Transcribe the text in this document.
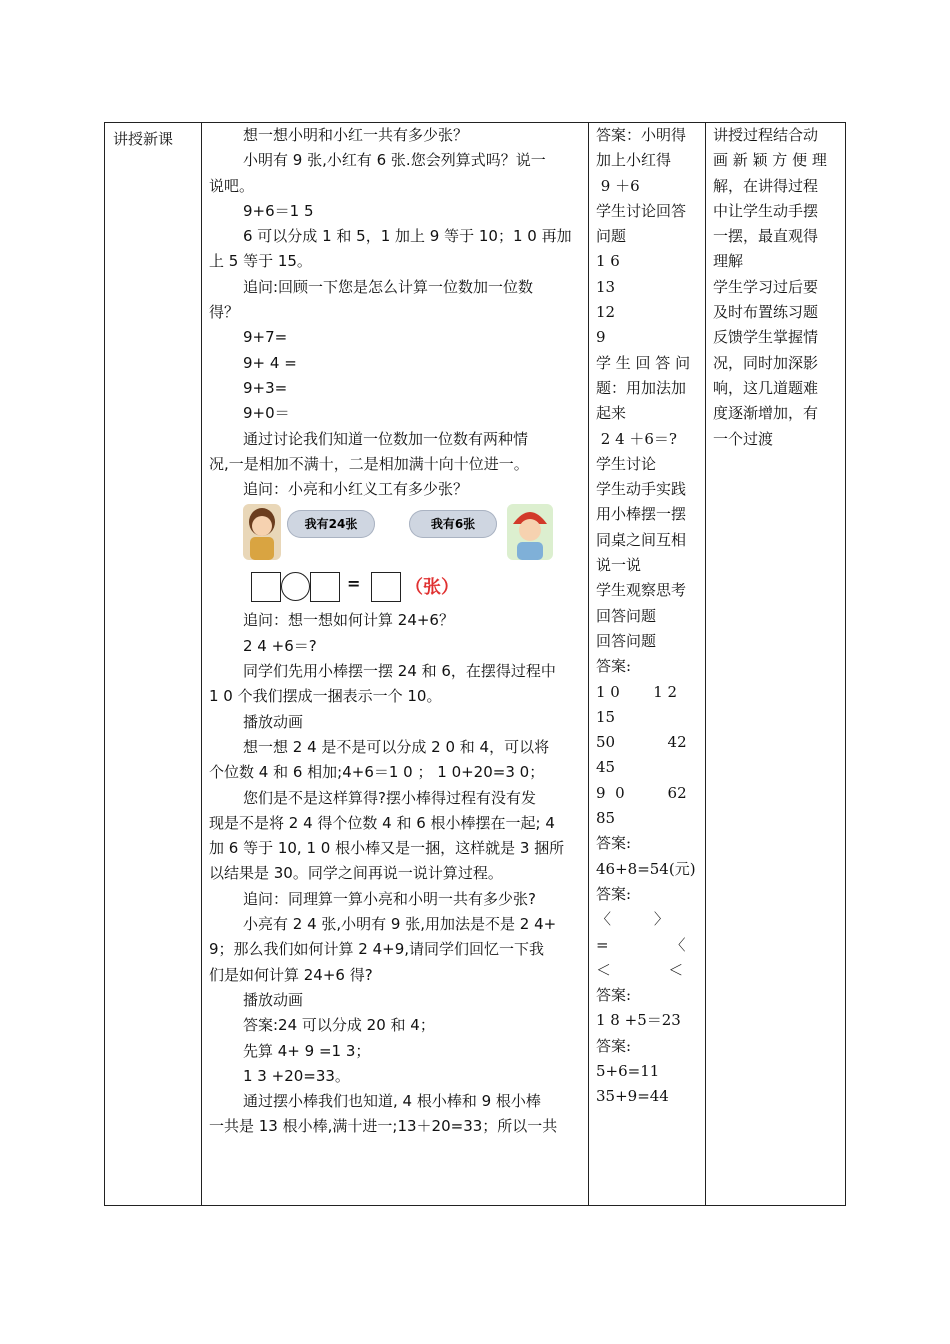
讲授新课	想一想小明和小红一共有多少张？
小明有 9 张,小红有 6 张.您会列算式吗？说一
说吧。
9+6＝1 5
6 可以分成 1 和 5，1 加上 9 等于 10；1 0 再加
上 5 等于 15。
追问:回顾一下您是怎么计算一位数加一位数
得？
9+7=
9+ 4 =
9+3=
9+0＝
通过讨论我们知道一位数加一位数有两种情
况,一是相加不满十，二是相加满十向十位进一。
追问：小亮和小红义工有多少张？
我有24张	我有6张
= （张）
追问：想一想如何计算 24+6？
2 4 +6＝?
同学们先用小棒摆一摆 24 和 6，在摆得过程中
1 0 个我们摆成一捆表示一个 10。
播放动画
想一想 2 4 是不是可以分成 2 0 和 4，可以将
个位数 4 和 6 相加;4+6＝1 0 ； 1 0+20=3 0；
您们是不是这样算得?摆小棒得过程有没有发
现是不是将 2 4 得个位数 4 和 6 根小棒摆在一起; 4
加 6 等于 10, 1 0 根小棒又是一捆，这样就是 3 捆所
以结果是 30。同学之间再说一说计算过程。
追问：同理算一算小亮和小明一共有多少张?
小亮有 2 4 张,小明有 9 张,用加法是不是 2 4+
9；那么我们如何计算 2 4+9,请同学们回忆一下我
们是如何计算 24+6 得?
播放动画
答案:24 可以分成 20 和 4；
先算 4+ 9 =1 3；
1 3 +20=33。
通过摆小棒我们也知道, 4 根小棒和 9 根小棒
一共是 13 根小棒,满十进一;13＋20=33；所以一共
答案：小明得
加上小红得
9 ＋6
学生讨论回答
问题
1 6
13
12
9
学 生 回 答 问
题：用加法加
起来
2 4 ＋6＝?
学生讨论
学生动手实践
用小棒摆一摆
同桌之间互相
说一说
学生观察思考
回答问题
回答问题
答案:
1 0       1 2
15
50           42
45
9  0         62
85
答案:
46+8=54(元)
答案:
〈         〉
=             〈
＜            ＜
答案:
1 8 +5＝23
答案:
5+6=11
35+9=44
讲授过程结合动
画 新 颖 方 便 理
解，在讲得过程
中让学生动手摆
一摆，最直观得
理解
学生学习过后要
及时布置练习题
反馈学生掌握情
况，同时加深影
响，这几道题难
度逐渐增加，有
一个过渡
